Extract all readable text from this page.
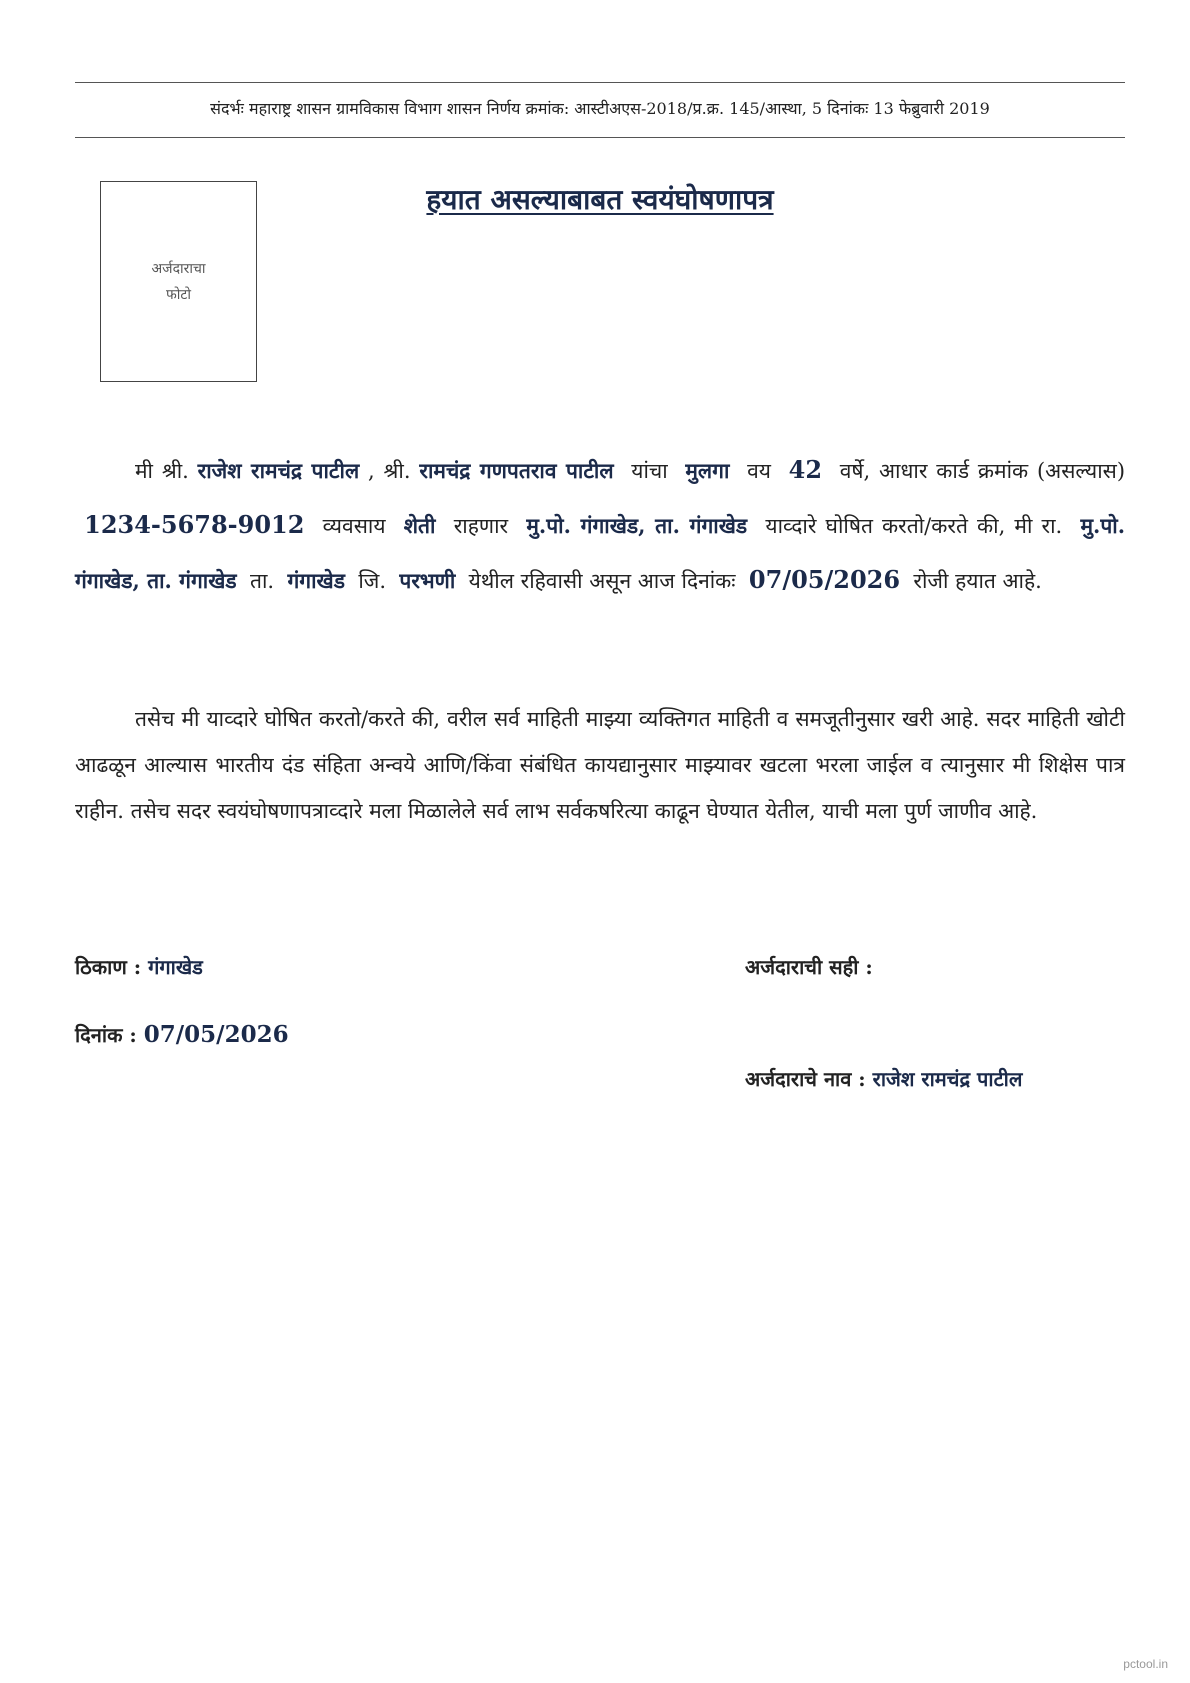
संदर्भः महाराष्ट्र शासन ग्रामविकास विभाग शासन निर्णय क्रमांक: आस्टीअएस-2018/प्र.क्र. 145/आस्था, 5 दिनांकः 13 फेब्रुवारी 2019
अर्जदाराचा
फोटो
हयात असल्याबाबत स्वयंघोषणापत्र
मी श्री. राजेश रामचंद्र पाटील , श्री. रामचंद्र गणपतराव पाटील यांचा मुलगा वय 42 वर्षे, आधार कार्ड क्रमांक (असल्यास)  1234-5678-9012 व्यवसाय शेती राहणार मु.पो. गंगाखेड, ता. गंगाखेड याव्दारे घोषित करतो/करते की, मी रा. मु.पो. गंगाखेड, ता. गंगाखेड ता. गंगाखेड जि. परभणी येथील रहिवासी असून आज दिनांकः 07/05/2026 रोजी हयात आहे.
तसेच मी याव्दारे घोषित करतो/करते की, वरील सर्व माहिती माझ्या व्यक्तिगत माहिती व समजूतीनुसार खरी आहे. सदर माहिती खोटी आढळून आल्यास भारतीय दंड संहिता अन्वये आणि/किंवा संबंधित कायद्यानुसार माझ्यावर खटला भरला जाईल व त्यानुसार मी शिक्षेस पात्र राहीन. तसेच सदर स्वयंघोषणापत्राव्दारे मला मिळालेले सर्व लाभ सर्वकषरित्या काढून घेण्यात येतील, याची मला पुर्ण जाणीव आहे.
ठिकाण : गंगाखेड
दिनांक : 07/05/2026
अर्जदाराची सही :
अर्जदाराचे नाव : राजेश रामचंद्र पाटील
pctool.in
